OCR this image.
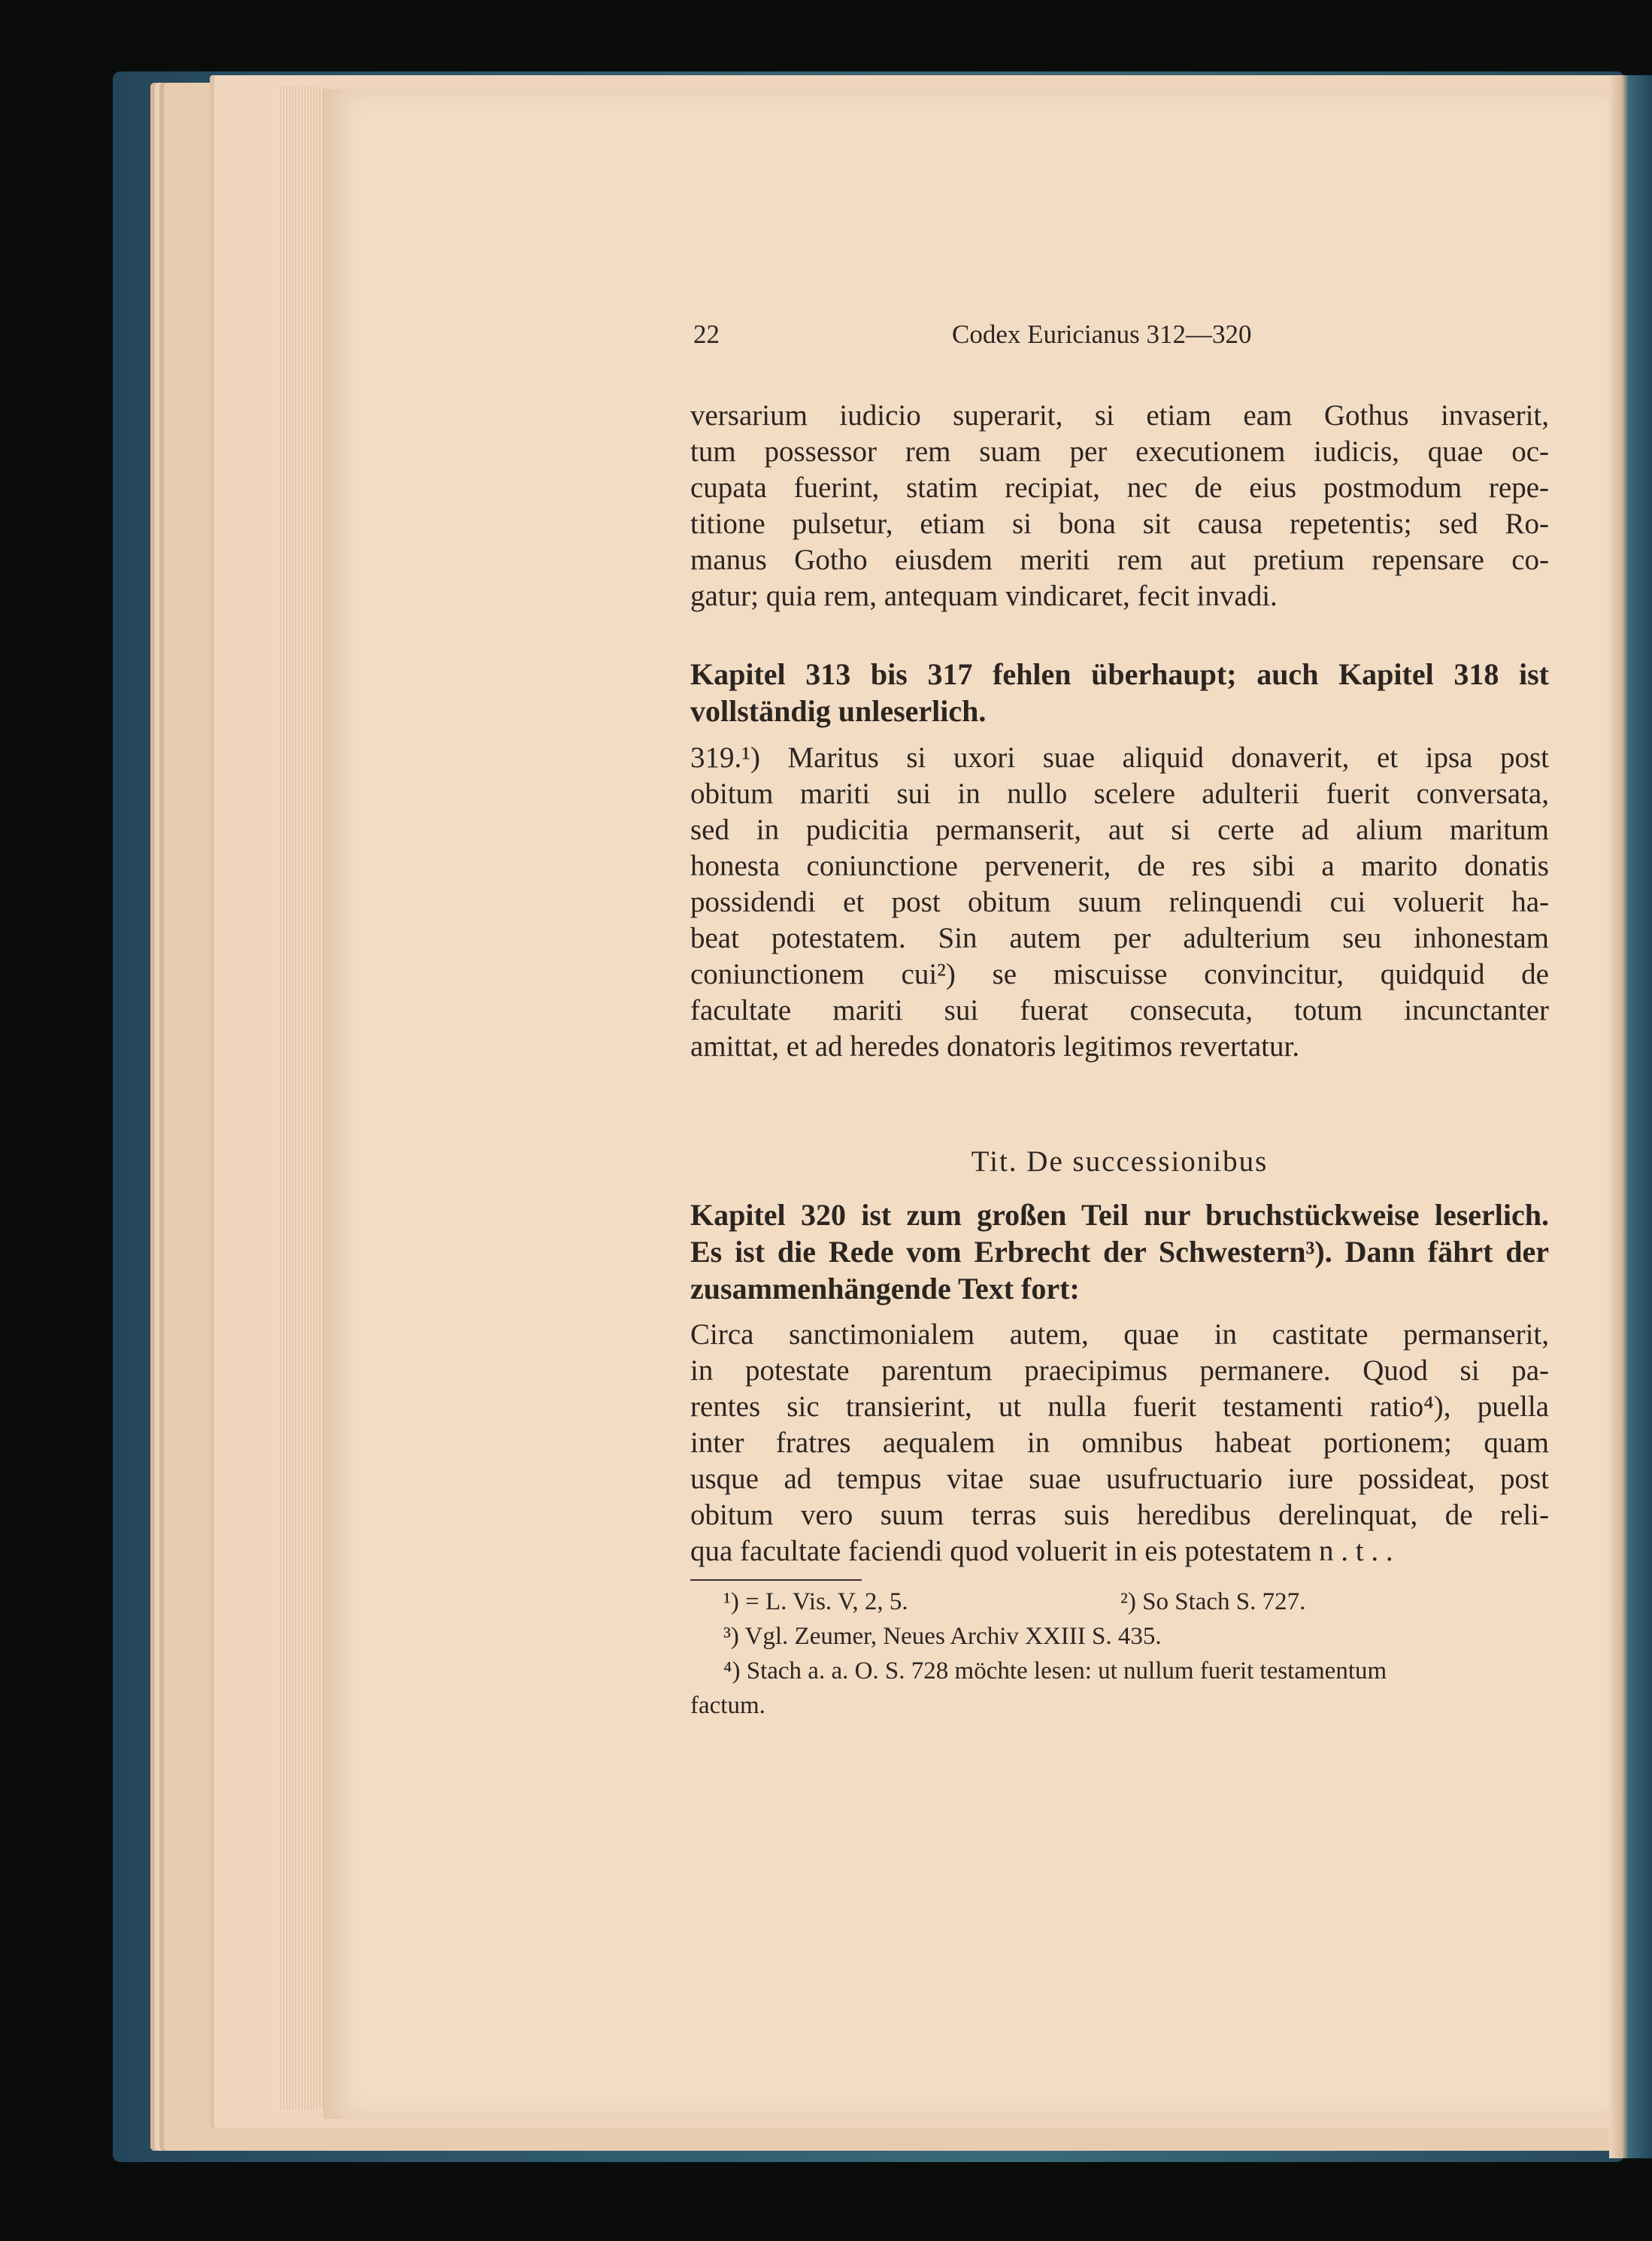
22	Codex Euricianus 312—320
versarium iudicio superarit, si etiam eam Gothus invaserit,
tum possessor rem suam per executionem iudicis, quae oc-
cupata fuerint, statim recipiat, nec de eius postmodum repe-
titione pulsetur, etiam si bona sit causa repetentis; sed Ro-
manus Gotho eiusdem meriti rem aut pretium repensare co-
gatur; quia rem, antequam vindicaret, fecit invadi.
Kapitel 313 bis 317 fehlen überhaupt; auch Kapitel 318 ist
vollständig unleserlich.
319.¹) Maritus si uxori suae aliquid donaverit, et ipsa post
obitum mariti sui in nullo scelere adulterii fuerit conversata,
sed in pudicitia permanserit, aut si certe ad alium maritum
honesta coniunctione pervenerit, de res sibi a marito donatis
possidendi et post obitum suum relinquendi cui voluerit ha-
beat potestatem. Sin autem per adulterium seu inhonestam
coniunctionem cui²) se miscuisse convincitur, quidquid de
facultate mariti sui fuerat consecuta, totum incunctanter
amittat, et ad heredes donatoris legitimos revertatur.
Tit. De successionibus
Kapitel 320 ist zum großen Teil nur bruchstückweise leserlich.
Es ist die Rede vom Erbrecht der Schwestern³). Dann fährt der
zusammenhängende Text fort:
Circa sanctimonialem autem, quae in castitate permanserit,
in potestate parentum praecipimus permanere. Quod si pa-
rentes sic transierint, ut nulla fuerit testamenti ratio⁴), puella
inter fratres aequalem in omnibus habeat portionem; quam
usque ad tempus vitae suae usufructuario iure possideat, post
obitum vero suum terras suis heredibus derelinquat, de reli-
qua facultate faciendi quod voluerit in eis potestatem n . t . .
¹) = L. Vis. V, 2, 5.	²) So Stach S. 727.
³) Vgl. Zeumer, Neues Archiv XXIII S. 435.
⁴) Stach a. a. O. S. 728 möchte lesen: ut nullum fuerit testamentum
factum.
